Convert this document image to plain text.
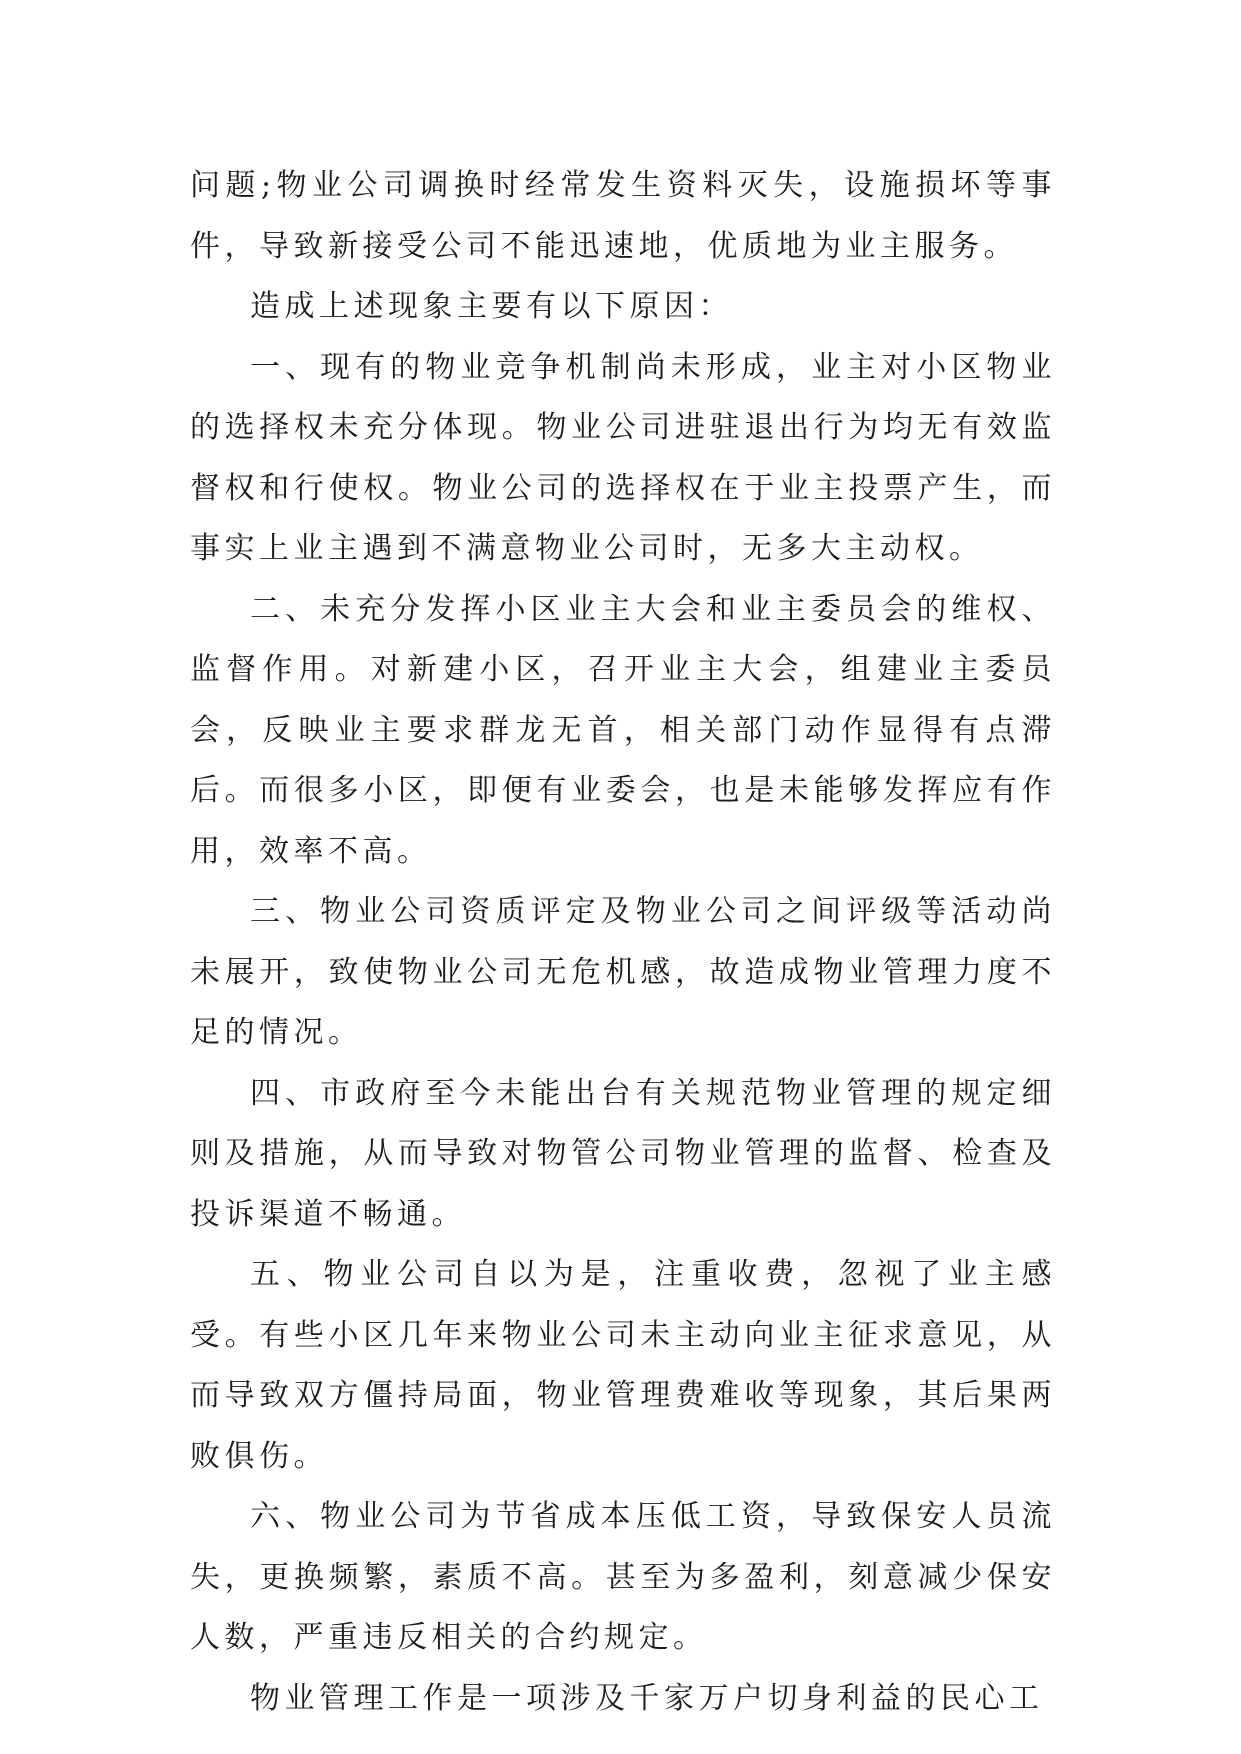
问题;物业公司调换时经常发生资料灭失，设施损坏等事件，导致新接受公司不能迅速地，优质地为业主服务。

造成上述现象主要有以下原因：

一、现有的物业竞争机制尚未形成，业主对小区物业的选择权未充分体现。物业公司进驻退出行为均无有效监督权和行使权。物业公司的选择权在于业主投票产生，而事实上业主遇到不满意物业公司时，无多大主动权。

二、未充分发挥小区业主大会和业主委员会的维权、监督作用。对新建小区，召开业主大会，组建业主委员会，反映业主要求群龙无首，相关部门动作显得有点滞后。而很多小区，即便有业委会，也是未能够发挥应有作用，效率不高。

三、物业公司资质评定及物业公司之间评级等活动尚未展开，致使物业公司无危机感，故造成物业管理力度不足的情况。

四、市政府至今未能出台有关规范物业管理的规定细则及措施，从而导致对物管公司物业管理的监督、检查及投诉渠道不畅通。

五、物业公司自以为是，注重收费，忽视了业主感受。有些小区几年来物业公司未主动向业主征求意见，从而导致双方僵持局面，物业管理费难收等现象，其后果两败俱伤。

六、物业公司为节省成本压低工资，导致保安人员流失，更换频繁，素质不高。甚至为多盈利，刻意减少保安人数，严重违反相关的合约规定。

物业管理工作是一项涉及千家万户切身利益的民心工
